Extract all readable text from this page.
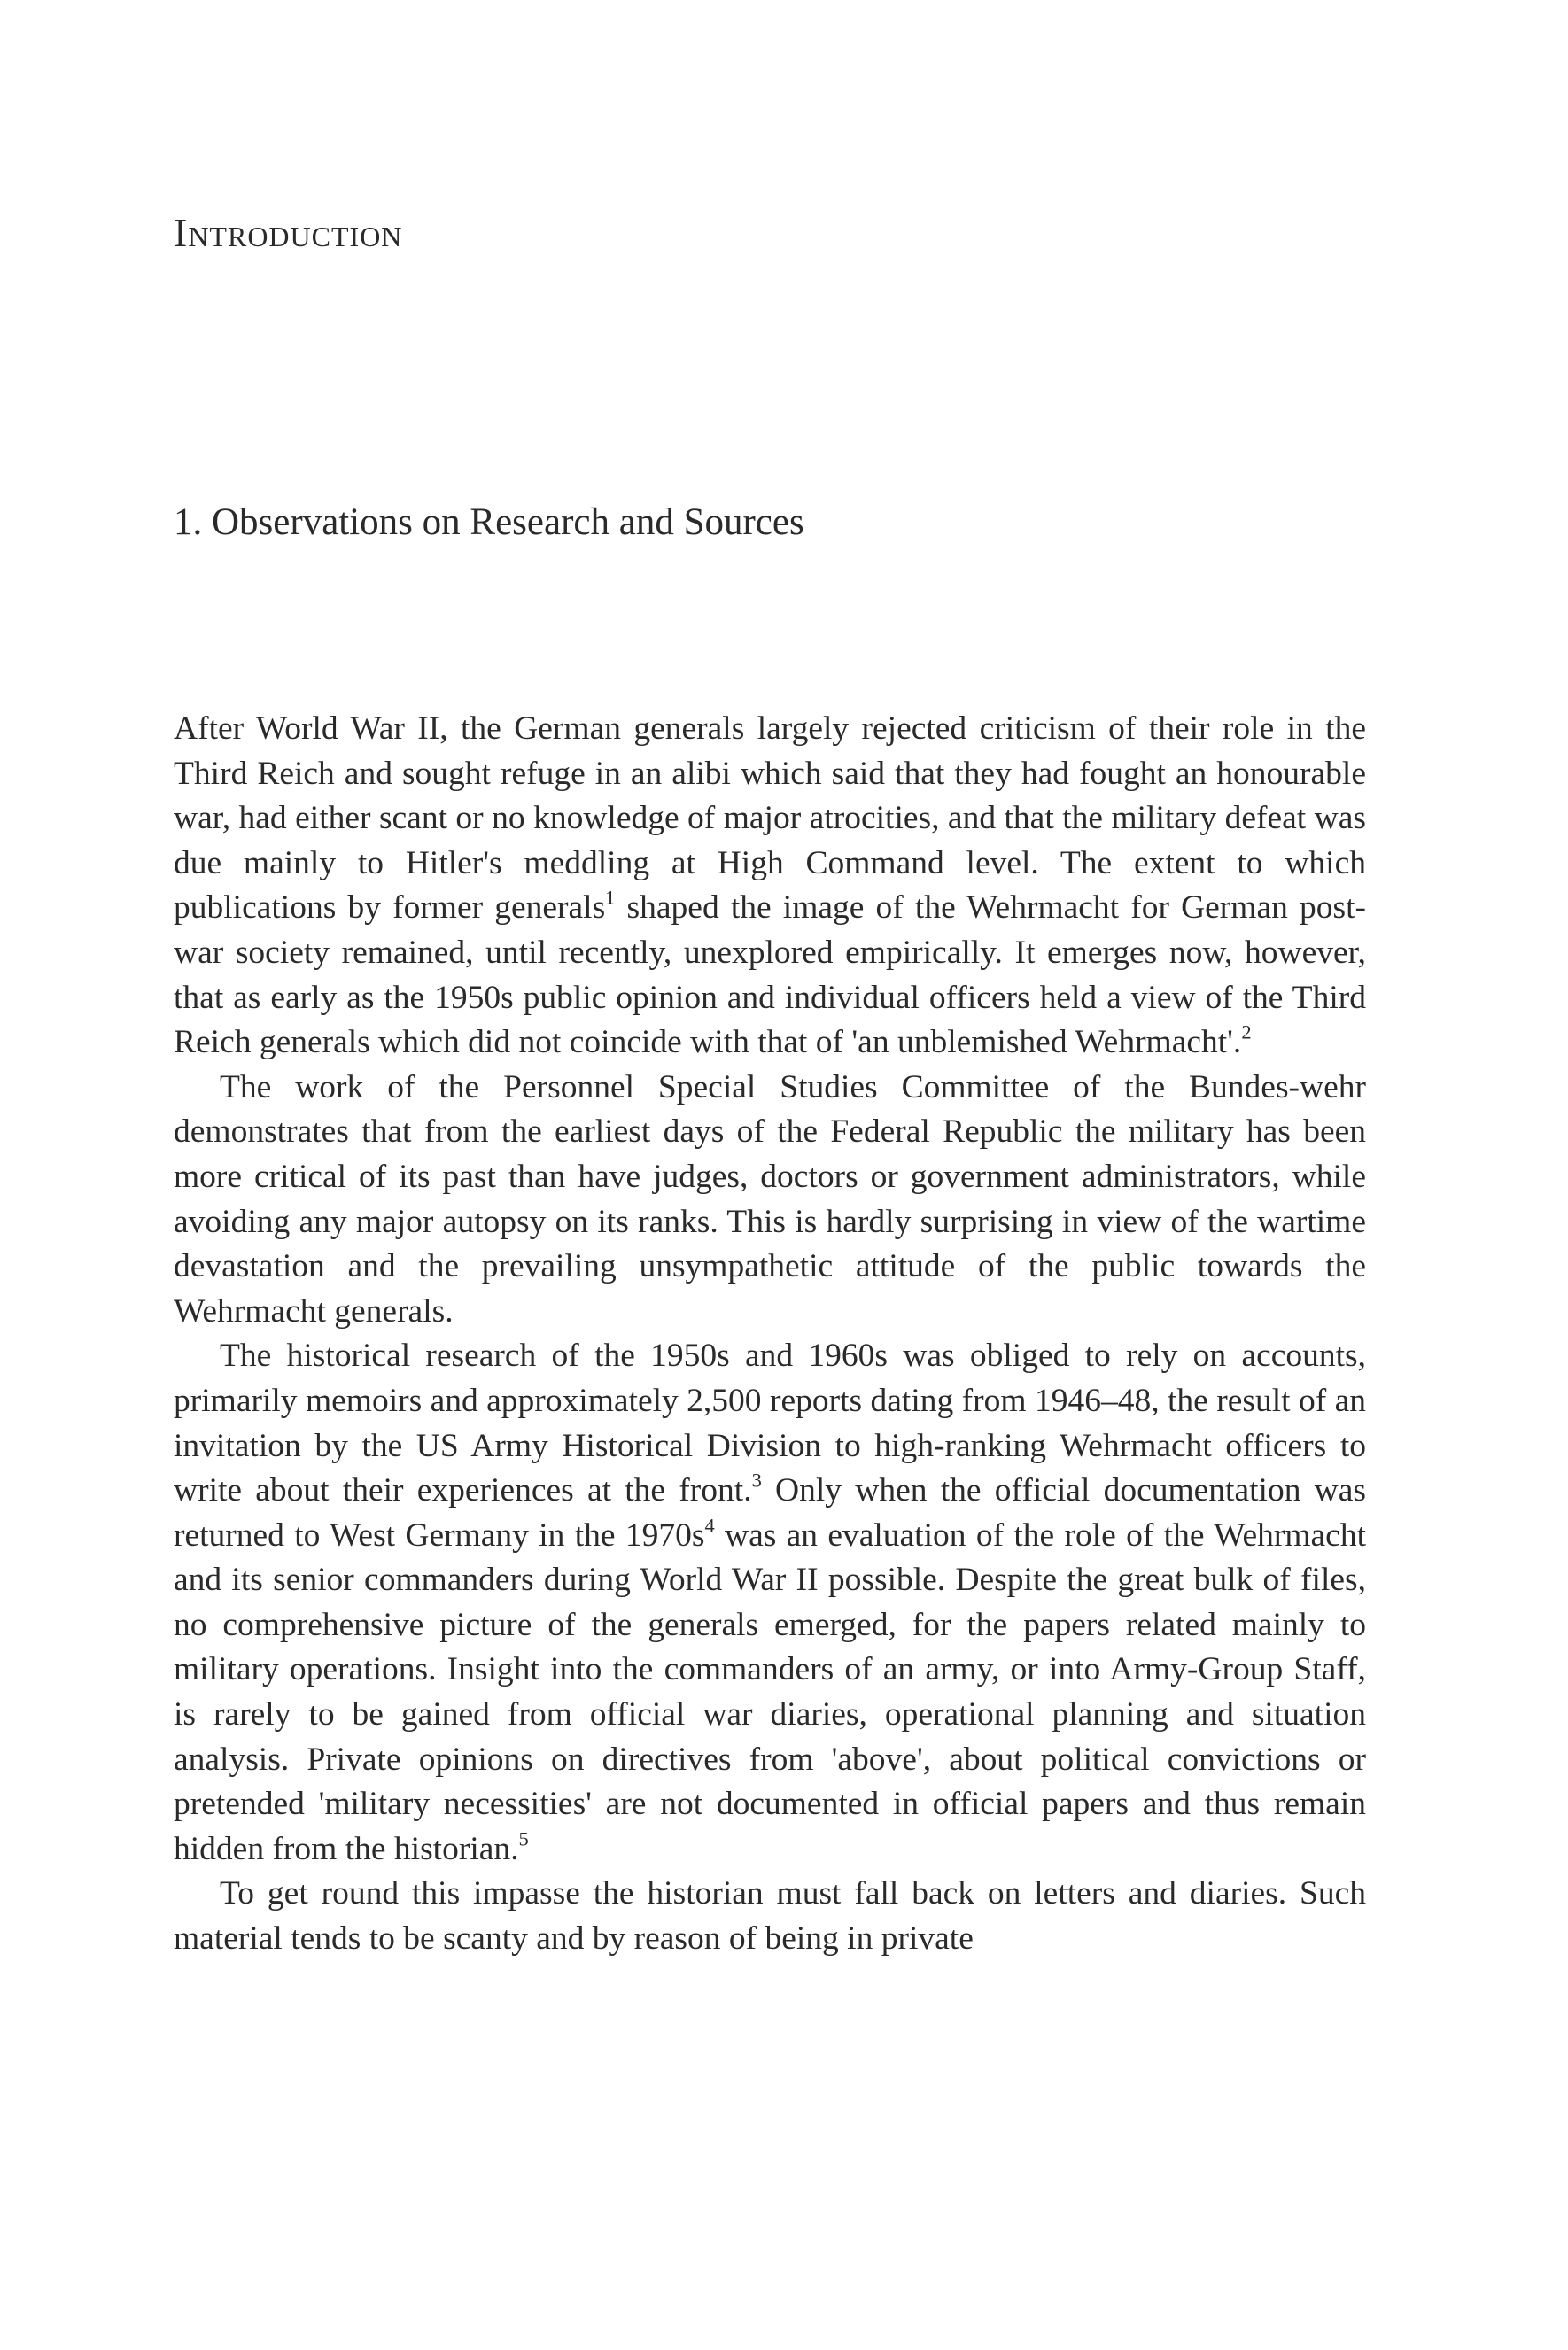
Introduction
1. Observations on Research and Sources

After World War II, the German generals largely rejected criticism of their role in the Third Reich and sought refuge in an alibi which said that they had fought an honourable war, had either scant or no knowledge of major atrocities, and that the military defeat was due mainly to Hitler's meddling at High Command level. The extent to which publications by former generals$^1$ shaped the image of the Wehrmacht for German post-war society remained, until recently, unexplored empirically. It emerges now, however, that as early as the 1950s public opinion and individual officers held a view of the Third Reich generals which did not coincide with that of 'an unblemished Wehrmacht'.$^2$

The work of the Personnel Special Studies Committee of the Bundes-wehr demonstrates that from the earliest days of the Federal Republic the military has been more critical of its past than have judges, doctors or government administrators, while avoiding any major autopsy on its ranks. This is hardly surprising in view of the wartime devastation and the prevailing unsympathetic attitude of the public towards the Wehrmacht generals.

The historical research of the 1950s and 1960s was obliged to rely on accounts, primarily memoirs and approximately 2,500 reports dating from 1946–48, the result of an invitation by the US Army Historical Division to high-ranking Wehrmacht officers to write about their experiences at the front.$^3$ Only when the official documentation was returned to West Germany in the $1970s^4$ was an evaluation of the role of the Wehrmacht and its senior commanders during World War II possible. Despite the great bulk of files, no comprehensive picture of the generals emerged, for the papers related mainly to military operations. Insight into the commanders of an army, or into Army-Group Staff, is rarely to be gained from official war diaries, operational planning and situation analysis. Private opinions on directives from 'above', about political convictions or pretended 'military necessities' are not documented in official papers and thus remain hidden from the historian.$^5$

To get round this impasse the historian must fall back on letters and diaries. Such material tends to be scanty and by reason of being in private
